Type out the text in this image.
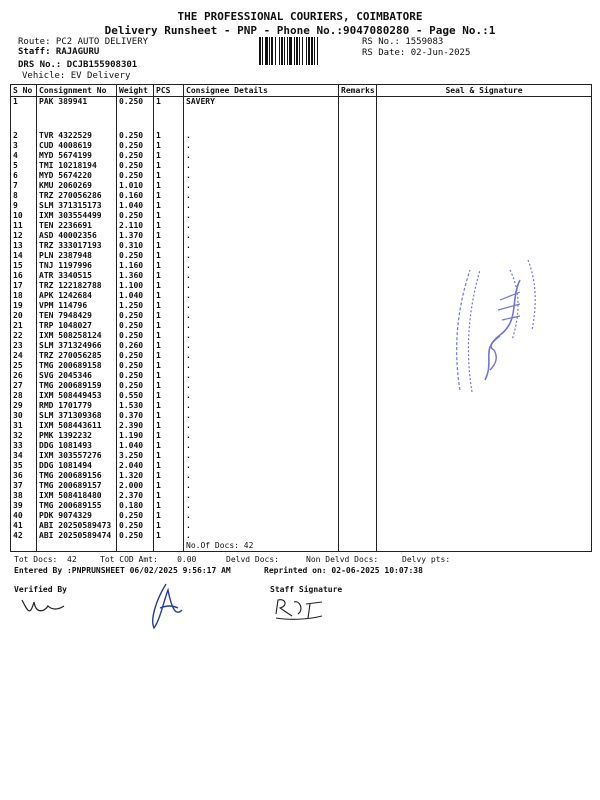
THE PROFESSIONAL COURIERS, COIMBATORE
Delivery Runsheet - PNP - Phone No.:9047080280 - Page No.:1
Route: PC2 AUTO DELIVERY
Staff: RAJAGURU
DRS No.: DCJB155908301
Vehicle: EV Delivery
RS No.: 1559083
RS Date: 02-Jun-2025
S No	Consignment No	Weight	PCS	Consignee Details	Remarks	Seal & Signature
1	PAK 389941	0.250	1	SAVERY		
2	TVR 4322529	0.250	1	.		
3	CUD 4008619	0.250	1	.		
4	MYD 5674199	0.250	1	.		
5	TMI 10218194	0.250	1	.		
6	MYD 5674220	0.250	1	.		
7	KMU 2060269	1.010	1	.		
8	TRZ 270056286	0.160	1	.		
9	SLM 371315173	1.040	1	.		
10	IXM 303554499	0.250	1	.		
11	TEN 2236691	2.110	1	.		
12	ASD 40002356	1.370	1	.		
13	TRZ 333017193	0.310	1	.		
14	PLN 2387948	0.250	1	.		
15	TNJ 1197996	1.160	1	.		
16	ATR 3340515	1.360	1	.		
17	TRZ 122182788	1.100	1	.		
18	APK 1242684	1.040	1	.		
19	VPM 114796	1.250	1	.		
20	TEN 7948429	0.250	1	.		
21	TRP 1048027	0.250	1	.		
22	IXM 508258124	0.250	1	.		
23	SLM 371324966	0.260	1	.		
24	TRZ 270056285	0.250	1	.		
25	TMG 200689158	0.250	1	.		
26	SVG 2045346	0.250	1	.		
27	TMG 200689159	0.250	1	.		
28	IXM 508449453	0.550	1	.		
29	RMD 1701779	1.530	1	.		
30	SLM 371309368	0.370	1	.		
31	IXM 508443611	2.390	1	.		
32	PMK 1392232	1.190	1	.		
33	DDG 1081493	1.040	1	.		
34	IXM 303557276	3.250	1	.		
35	DDG 1081494	2.040	1	.		
36	TMG 200689156	1.320	1	.		
37	TMG 200689157	2.000	1	.		
38	IXM 508418480	2.370	1	.		
39	TMG 200689155	0.180	1	.		
40	PDK 9074329	0.250	1	.		
41	ABI 20250589473	0.250	1	.		
42	ABI 20250589474	0.250	1	.		
				No.Of Docs: 42		
Tot Docs: 42	Tot COD Amt: 0.00	Delvd Docs:	Non Delvd Docs:	Delvy pts:
Entered By :PNPRUNSHEET 06/02/2025 9:56:17 AM	Reprinted on: 02-06-2025 10:07:38
Verified By	Staff Signature
